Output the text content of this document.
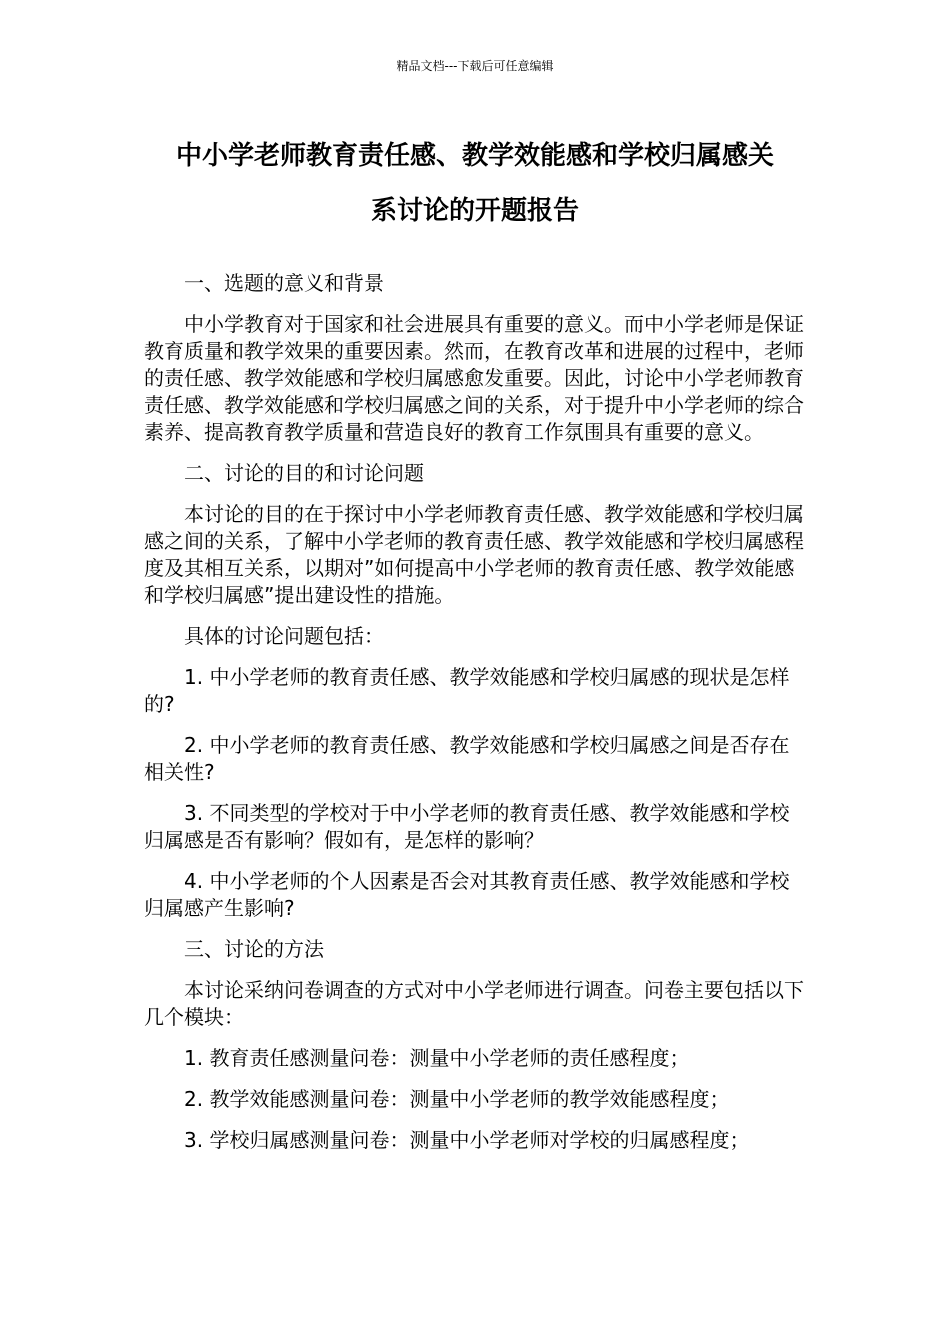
精品文档---下载后可任意编辑
中小学老师教育责任感、教学效能感和学校归属感关
系讨论的开题报告

一、选题的意义和背景

中小学教育对于国家和社会进展具有重要的意义。而中小学老师是保证教育质量和教学效果的重要因素。然而，在教育改革和进展的过程中，老师的责任感、教学效能感和学校归属感愈发重要。因此，讨论中小学老师教育责任感、教学效能感和学校归属感之间的关系，对于提升中小学老师的综合素养、提高教育教学质量和营造良好的教育工作氛围具有重要的意义。

二、讨论的目的和讨论问题

本讨论的目的在于探讨中小学老师教育责任感、教学效能感和学校归属感之间的关系，了解中小学老师的教育责任感、教学效能感和学校归属感程度及其相互关系，以期对”如何提高中小学老师的教育责任感、教学效能感和学校归属感”提出建设性的措施。

具体的讨论问题包括：

1. 中小学老师的教育责任感、教学效能感和学校归属感的现状是怎样的?

2. 中小学老师的教育责任感、教学效能感和学校归属感之间是否存在相关性?

3. 不同类型的学校对于中小学老师的教育责任感、教学效能感和学校归属感是否有影响？假如有，是怎样的影响？

4. 中小学老师的个人因素是否会对其教育责任感、教学效能感和学校归属感产生影响?

三、讨论的方法

本讨论采纳问卷调查的方式对中小学老师进行调查。问卷主要包括以下几个模块：

1. 教育责任感测量问卷：测量中小学老师的责任感程度；

2. 教学效能感测量问卷：测量中小学老师的教学效能感程度；

3. 学校归属感测量问卷：测量中小学老师对学校的归属感程度；
